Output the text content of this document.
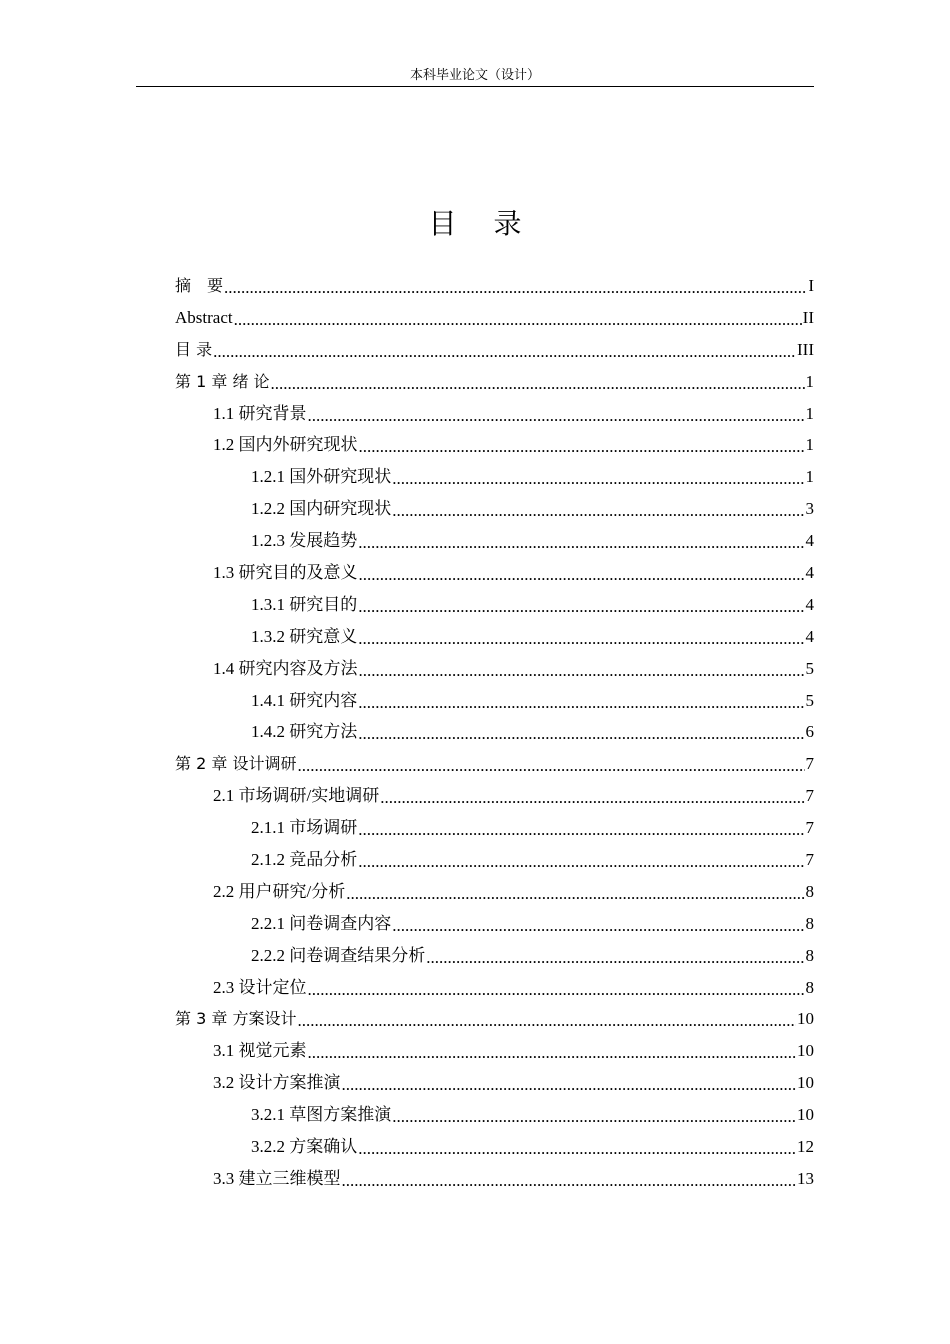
本科毕业论文（设计）
目 录
摘　要 .....	I
Abstract .....	II
目 录 .....	III
第 1 章 绪 论 .....	1
1.1 研究背景 .....	1
1.2 国内外研究现状 .....	1
1.2.1 国外研究现状 .....	1
1.2.2 国内研究现状 .....	3
1.2.3 发展趋势 .....	4
1.3 研究目的及意义 .....	4
1.3.1 研究目的 .....	4
1.3.2 研究意义 .....	4
1.4 研究内容及方法 .....	5
1.4.1 研究内容 .....	5
1.4.2 研究方法 .....	6
第 2 章 设计调研 .....	7
2.1 市场调研/实地调研 .....	7
2.1.1 市场调研 .....	7
2.1.2 竞品分析 .....	7
2.2 用户研究/分析 .....	8
2.2.1 问卷调查内容 .....	8
2.2.2 问卷调查结果分析 .....	8
2.3 设计定位 .....	8
第 3 章 方案设计 .....	10
3.1 视觉元素 .....	10
3.2 设计方案推演 .....	10
3.2.1 草图方案推演 .....	10
3.2.2 方案确认 .....	12
3.3 建立三维模型 .....	13
